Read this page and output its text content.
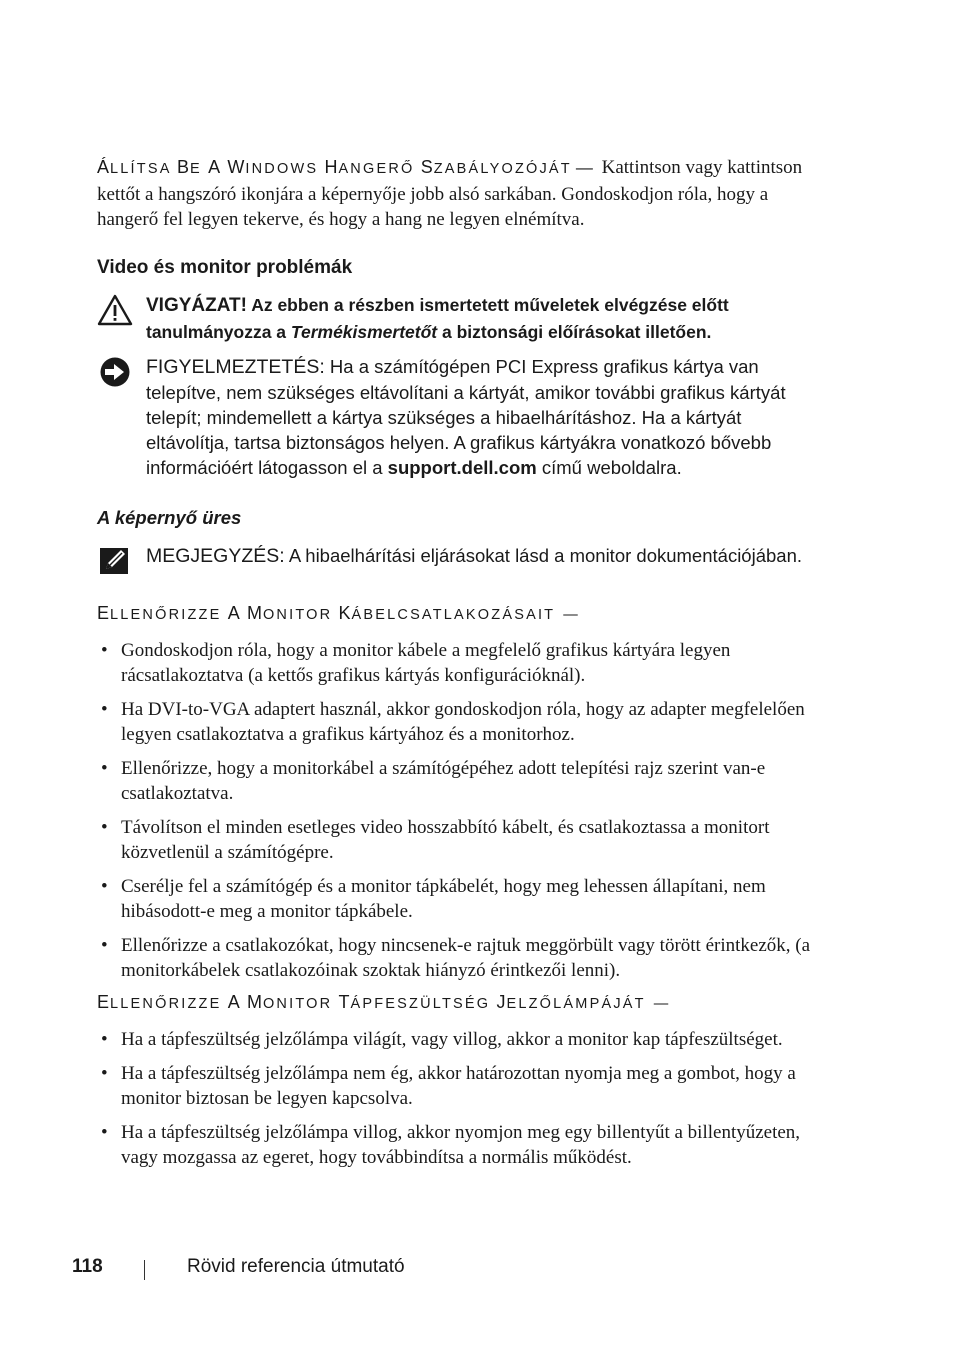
ÁLLÍTSA BE A WINDOWS HANGERŐ SZABÁLYOZÓJÁT — Kattintson vagy kattintson kettőt a hangszóró ikonjára a képernyője jobb alsó sarkában. Gondoskodjon róla, hogy a hangerő fel legyen tekerve, és hogy a hang ne legyen elnémítva.
Video és monitor problémák
VIGYÁZAT! Az ebben a részben ismertetett műveletek elvégzése előtt tanulmányozza a Termékismertetőt a biztonsági előírásokat illetően.
FIGYELMEZTETÉS: Ha a számítógépen PCI Express grafikus kártya van telepítve, nem szükséges eltávolítani a kártyát, amikor további grafikus kártyát telepít; mindemellett a kártya szükséges a hibaelhárításhoz. Ha a kártyát eltávolítja, tartsa biztonságos helyen. A grafikus kártyákra vonatkozó bővebb információért látogasson el a support.dell.com című weboldalra.
A képernyő üres
MEGJEGYZÉS: A hibaelhárítási eljárásokat lásd a monitor dokumentációjában.
ELLENŐRIZZE A MONITOR KÁBELCSATLAKOZÁSAIT —
• Gondoskodjon róla, hogy a monitor kábele a megfelelő grafikus kártyára legyen rácsatlakoztatva (a kettős grafikus kártyás konfigurációknál).
• Ha DVI-to-VGA adaptert használ, akkor gondoskodjon róla, hogy az adapter megfelelően legyen csatlakoztatva a grafikus kártyához és a monitorhoz.
• Ellenőrizze, hogy a monitorkábel a számítógépéhez adott telepítési rajz szerint van-e csatlakoztatva.
• Távolítson el minden esetleges video hosszabbító kábelt, és csatlakoztassa a monitort közvetlenül a számítógépre.
• Cserélje fel a számítógép és a monitor tápkábelét, hogy meg lehessen állapítani, nem hibásodott-e meg a monitor tápkábele.
• Ellenőrizze a csatlakozókat, hogy nincsenek-e rajtuk meggörbült vagy törött érintkezők, (a monitorkábelek csatlakozóinak szoktak hiányzó érintkezői lenni).
ELLENŐRIZZE A MONITOR TÁPFESZÜLTSÉG JELZŐLÁMPÁJÁT —
• Ha a tápfeszültség jelzőlámpa világít, vagy villog, akkor a monitor kap tápfeszültséget.
• Ha a tápfeszültség jelzőlámpa nem ég, akkor határozottan nyomja meg a gombot, hogy a monitor biztosan be legyen kapcsolva.
• Ha a tápfeszültség jelzőlámpa villog, akkor nyomjon meg egy billentyűt a billentyűzeten, vagy mozgassa az egeret, hogy továbbindítsa a normális működést.
118	Rövid referencia útmutató
